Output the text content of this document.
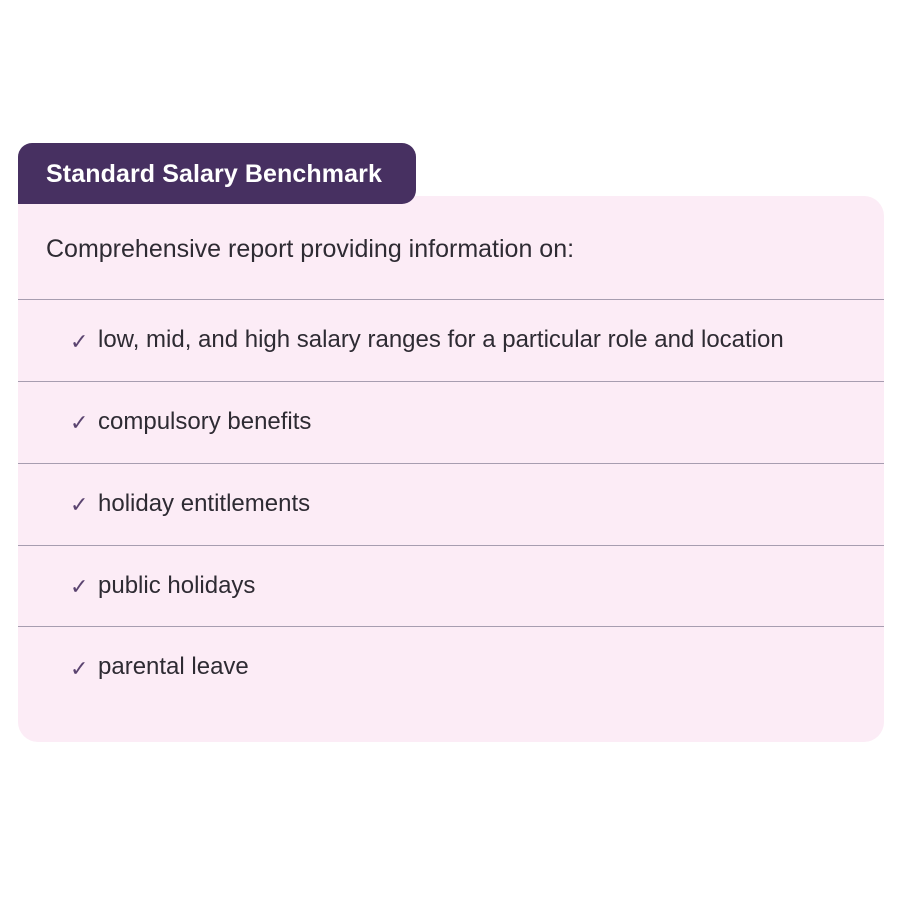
Standard Salary Benchmark
Comprehensive report providing information on:
✓ low, mid, and high salary ranges for a particular role and location
✓ compulsory benefits
✓ holiday entitlements
✓ public holidays
✓ parental leave
